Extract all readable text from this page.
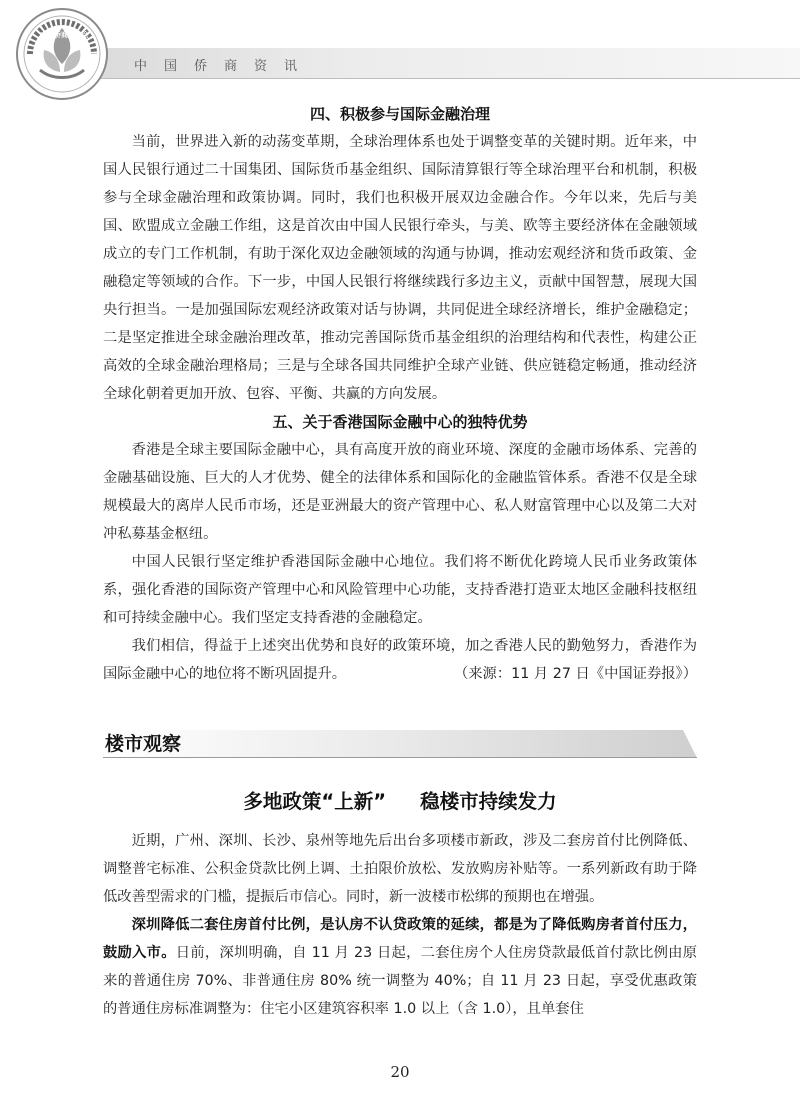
中国侨商资讯
中国侨商联合会
四、积极参与国际金融治理

当前，世界进入新的动荡变革期，全球治理体系也处于调整变革的关键时期。近年来，中国人民银行通过二十国集团、国际货币基金组织、国际清算银行等全球治理平台和机制，积极参与全球金融治理和政策协调。同时，我们也积极开展双边金融合作。今年以来，先后与美国、欧盟成立金融工作组，这是首次由中国人民银行牵头，与美、欧等主要经济体在金融领域成立的专门工作机制，有助于深化双边金融领域的沟通与协调，推动宏观经济和货币政策、金融稳定等领域的合作。下一步，中国人民银行将继续践行多边主义，贡献中国智慧，展现大国央行担当。一是加强国际宏观经济政策对话与协调，共同促进全球经济增长，维护金融稳定；二是坚定推进全球金融治理改革，推动完善国际货币基金组织的治理结构和代表性，构建公正高效的全球金融治理格局；三是与全球各国共同维护全球产业链、供应链稳定畅通，推动经济全球化朝着更加开放、包容、平衡、共赢的方向发展。

五、关于香港国际金融中心的独特优势

香港是全球主要国际金融中心，具有高度开放的商业环境、深度的金融市场体系、完善的金融基础设施、巨大的人才优势、健全的法律体系和国际化的金融监管体系。香港不仅是全球规模最大的离岸人民币市场，还是亚洲最大的资产管理中心、私人财富管理中心以及第二大对冲私募基金枢纽。

中国人民银行坚定维护香港国际金融中心地位。我们将不断优化跨境人民币业务政策体系，强化香港的国际资产管理中心和风险管理中心功能，支持香港打造亚太地区金融科技枢纽和可持续金融中心。我们坚定支持香港的金融稳定。

我们相信，得益于上述突出优势和良好的政策环境，加之香港人民的勤勉努力，香港作为国际金融中心的地位将不断巩固提升。	（来源：11 月 27 日《中国证券报》）

楼市观察
多地政策“上新” 稳楼市持续发力

近期，广州、深圳、长沙、泉州等地先后出台多项楼市新政，涉及二套房首付比例降低、调整普宅标准、公积金贷款比例上调、土拍限价放松、发放购房补贴等。一系列新政有助于降低改善型需求的门槛，提振后市信心。同时，新一波楼市松绑的预期也在增强。

深圳降低二套住房首付比例，是认房不认贷政策的延续，都是为了降低购房者首付压力，鼓励入市。日前，深圳明确，自 11 月 23 日起，二套住房个人住房贷款最低首付款比例由原来的普通住房 70%、非普通住房 80% 统一调整为 40%；自 11 月 23 日起，享受优惠政策的普通住房标准调整为：住宅小区建筑容积率 1.0 以上（含 1.0），且单套住

20
